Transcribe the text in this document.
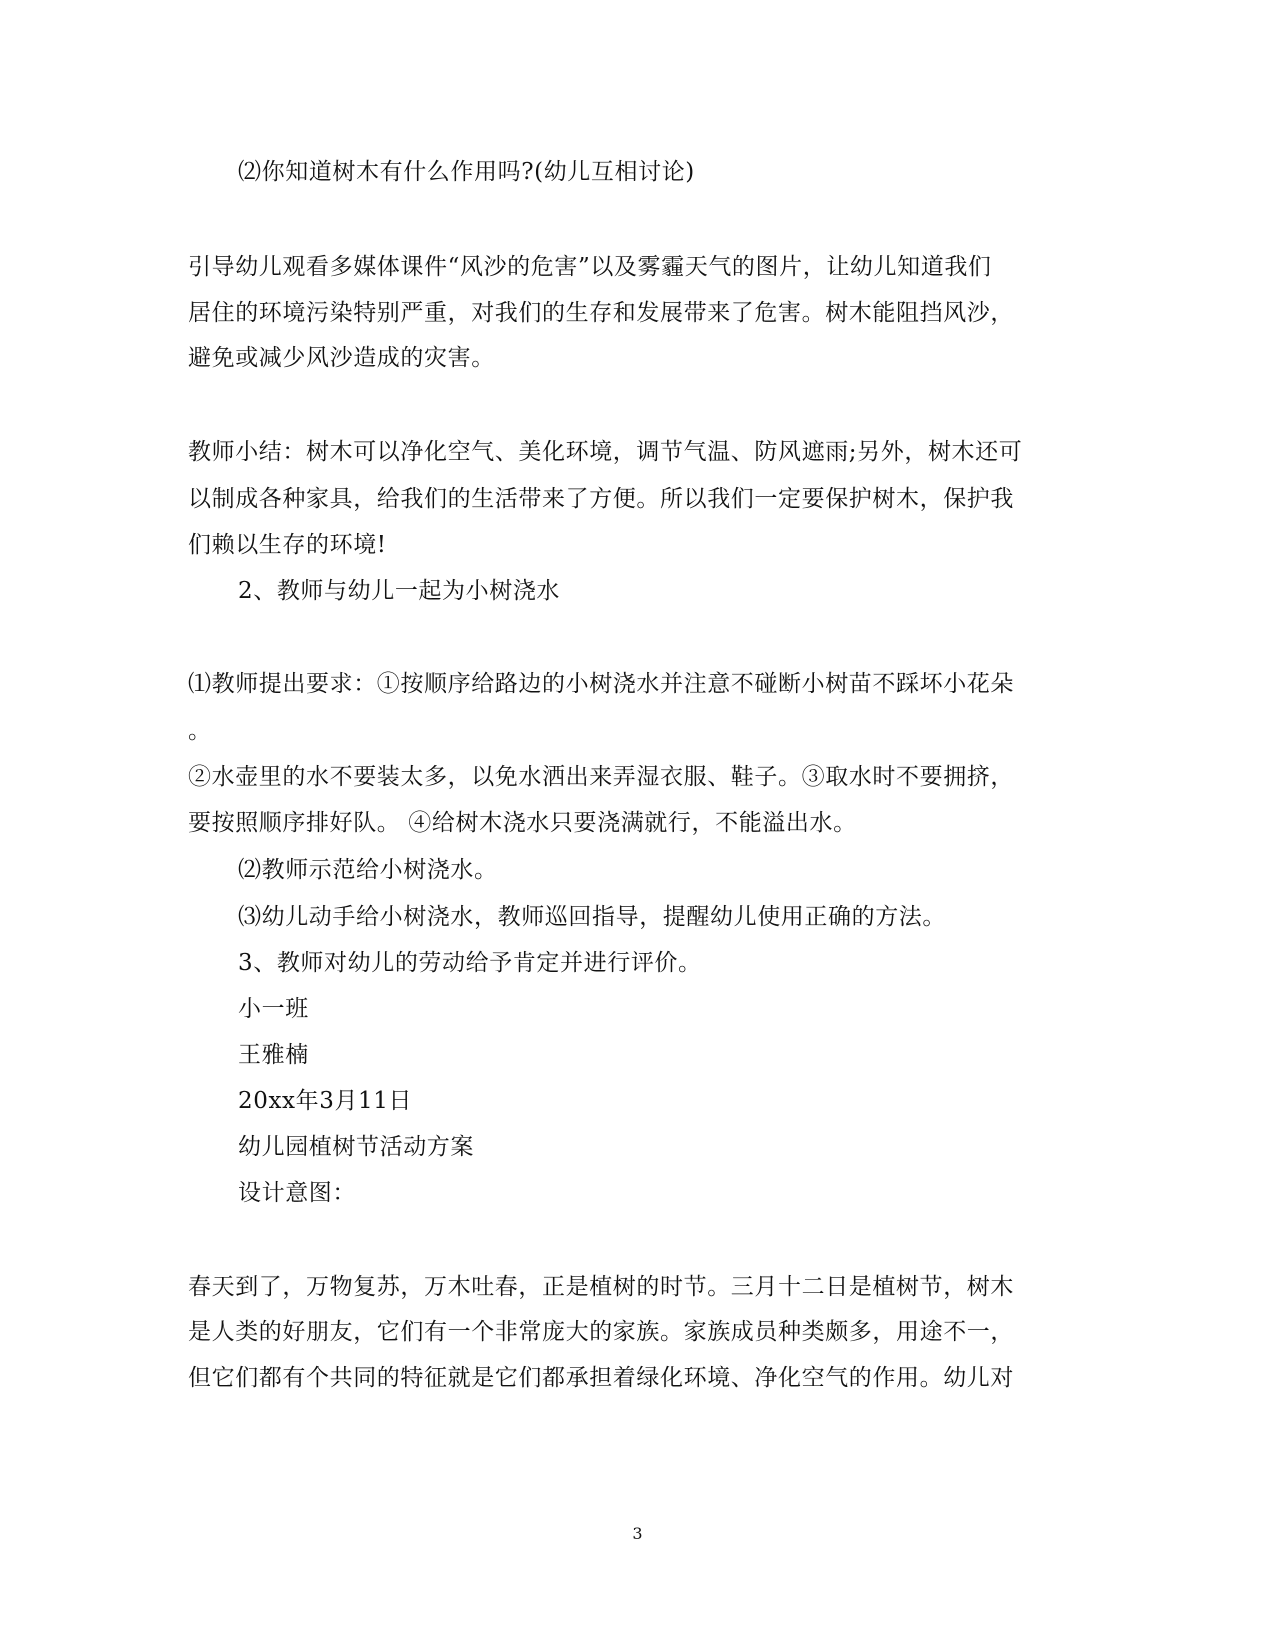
⑵你知道树木有什么作用吗?(幼儿互相讨论)
引导幼儿观看多媒体课件“风沙的危害”以及雾霾天气的图片，让幼儿知道我们
居住的环境污染特别严重，对我们的生存和发展带来了危害。树木能阻挡风沙，
避免或减少风沙造成的灾害。
教师小结：树木可以净化空气、美化环境，调节气温、防风遮雨;另外，树木还可
以制成各种家具，给我们的生活带来了方便。所以我们一定要保护树木，保护我
们赖以生存的环境!
2、教师与幼儿一起为小树浇水
⑴教师提出要求：①按顺序给路边的小树浇水并注意不碰断小树苗不踩坏小花朵
。
②水壶里的水不要装太多，以免水洒出来弄湿衣服、鞋子。③取水时不要拥挤，
要按照顺序排好队。 ④给树木浇水只要浇满就行，不能溢出水。
⑵教师示范给小树浇水。
⑶幼儿动手给小树浇水，教师巡回指导，提醒幼儿使用正确的方法。
3、教师对幼儿的劳动给予肯定并进行评价。
小一班
王雅楠
20xx年3月11日
幼儿园植树节活动方案
设计意图：
春天到了，万物复苏，万木吐春，正是植树的时节。三月十二日是植树节，树木
是人类的好朋友，它们有一个非常庞大的家族。家族成员种类颇多，用途不一，
但它们都有个共同的特征就是它们都承担着绿化环境、净化空气的作用。幼儿对
3
